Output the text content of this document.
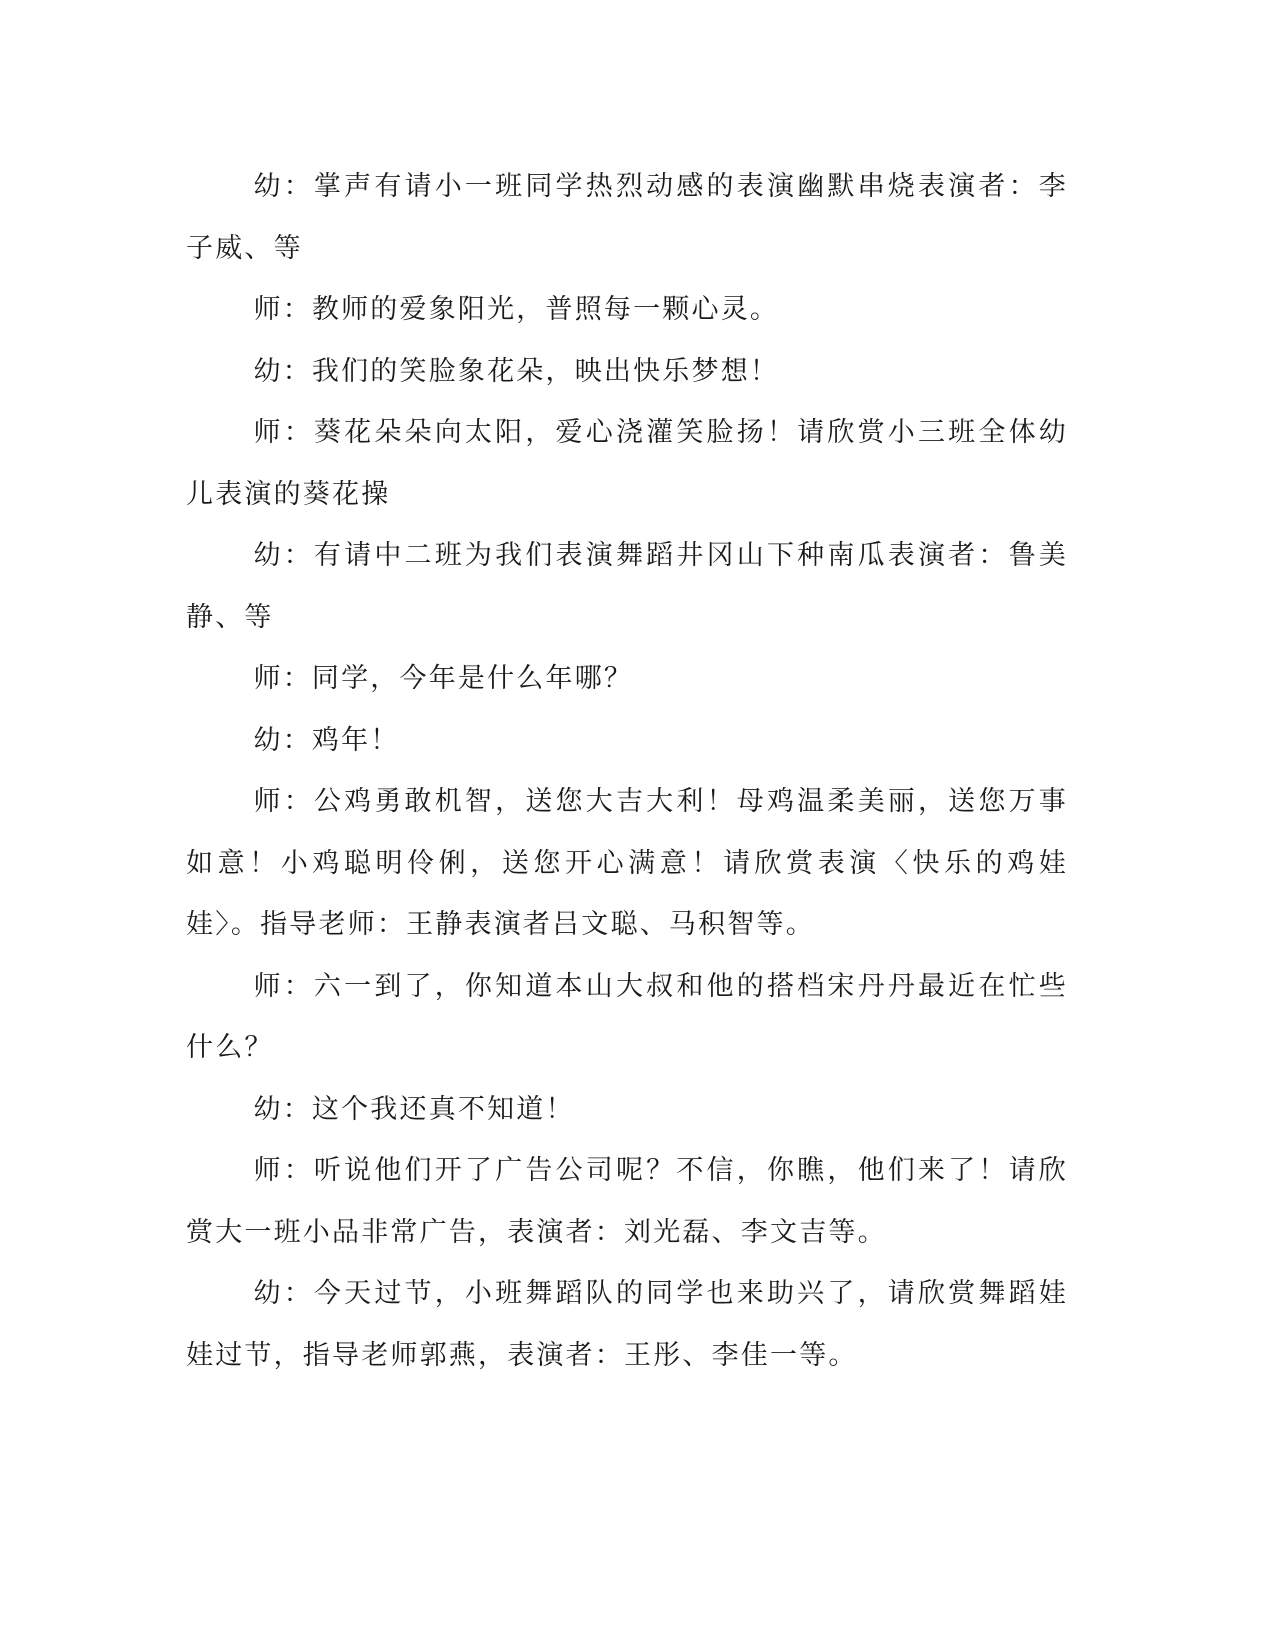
幼：掌声有请小一班同学热烈动感的表演幽默串烧表演者：李子威、等

师：教师的爱象阳光，普照每一颗心灵。

幼：我们的笑脸象花朵，映出快乐梦想！

师：葵花朵朵向太阳，爱心浇灌笑脸扬！请欣赏小三班全体幼儿表演的葵花操

幼：有请中二班为我们表演舞蹈井冈山下种南瓜表演者：鲁美静、等

师：同学，今年是什么年哪？

幼：鸡年！

师：公鸡勇敢机智，送您大吉大利！母鸡温柔美丽，送您万事如意！小鸡聪明伶俐，送您开心满意！请欣赏表演〈快乐的鸡娃娃〉。指导老师：王静表演者吕文聪、马积智等。

师：六一到了，你知道本山大叔和他的搭档宋丹丹最近在忙些什么？

幼：这个我还真不知道！

师：听说他们开了广告公司呢？不信，你瞧，他们来了！请欣赏大一班小品非常广告，表演者：刘光磊、李文吉等。

幼：今天过节，小班舞蹈队的同学也来助兴了，请欣赏舞蹈娃娃过节，指导老师郭燕，表演者：王彤、李佳一等。
